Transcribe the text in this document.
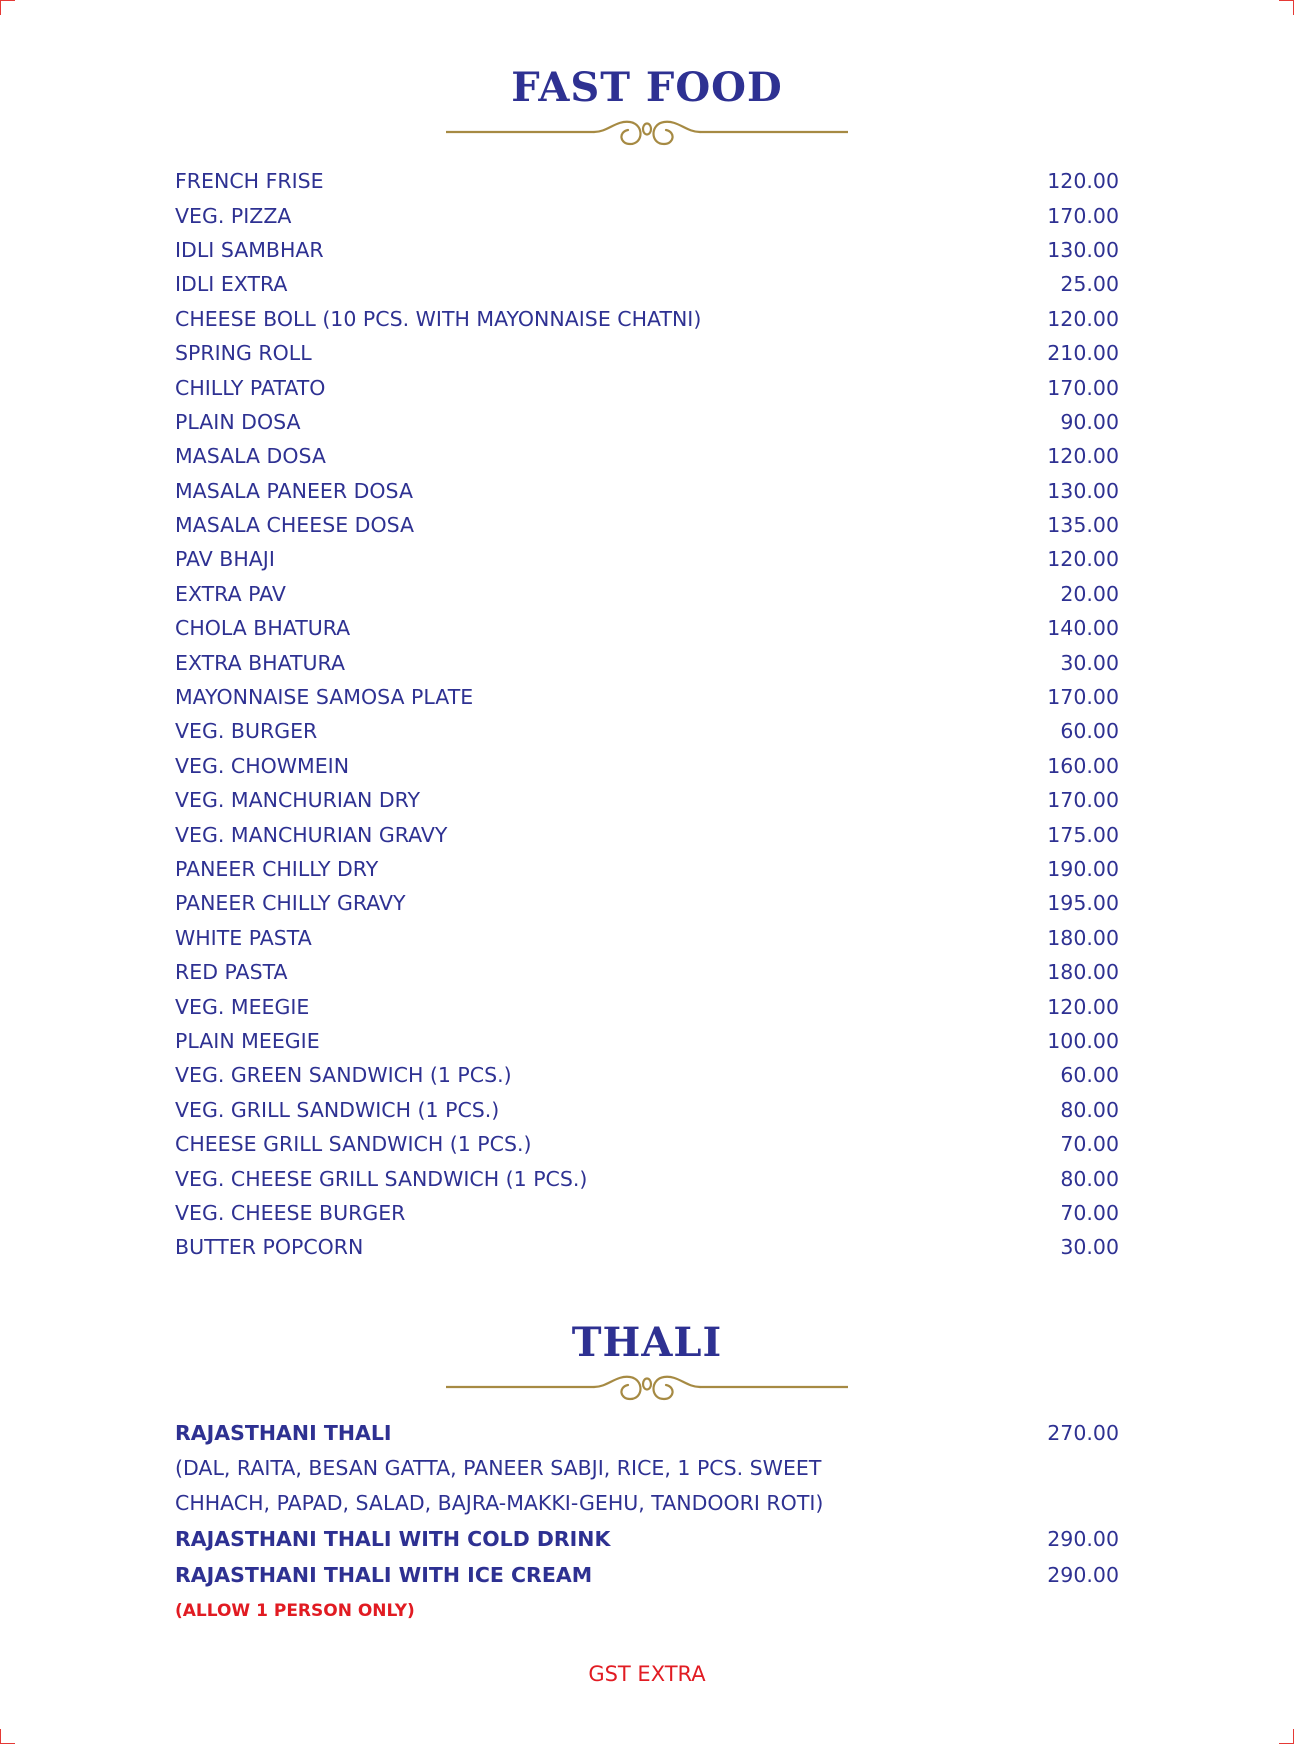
FAST FOOD
FRENCH FRISE	120.00
VEG. PIZZA	170.00
IDLI SAMBHAR	130.00
IDLI EXTRA	25.00
CHEESE BOLL (10 PCS. WITH MAYONNAISE CHATNI)	120.00
SPRING ROLL	210.00
CHILLY PATATO	170.00
PLAIN DOSA	90.00
MASALA DOSA	120.00
MASALA PANEER DOSA	130.00
MASALA CHEESE DOSA	135.00
PAV BHAJI	120.00
EXTRA PAV	20.00
CHOLA BHATURA	140.00
EXTRA BHATURA	30.00
MAYONNAISE SAMOSA PLATE	170.00
VEG. BURGER	60.00
VEG. CHOWMEIN	160.00
VEG. MANCHURIAN DRY	170.00
VEG. MANCHURIAN GRAVY	175.00
PANEER CHILLY DRY	190.00
PANEER CHILLY GRAVY	195.00
WHITE PASTA	180.00
RED PASTA	180.00
VEG. MEEGIE	120.00
PLAIN MEEGIE	100.00
VEG. GREEN SANDWICH (1 PCS.)	60.00
VEG. GRILL SANDWICH (1 PCS.)	80.00
CHEESE GRILL SANDWICH (1 PCS.)	70.00
VEG. CHEESE GRILL SANDWICH (1 PCS.)	80.00
VEG. CHEESE BURGER	70.00
BUTTER POPCORN	30.00
THALI
RAJASTHANI THALI	270.00
(DAL, RAITA, BESAN GATTA, PANEER SABJI, RICE, 1 PCS. SWEET
CHHACH, PAPAD, SALAD, BAJRA-MAKKI-GEHU, TANDOORI ROTI)
RAJASTHANI THALI WITH COLD DRINK	290.00
RAJASTHANI THALI WITH ICE CREAM	290.00
(ALLOW 1 PERSON ONLY)
GST EXTRA
